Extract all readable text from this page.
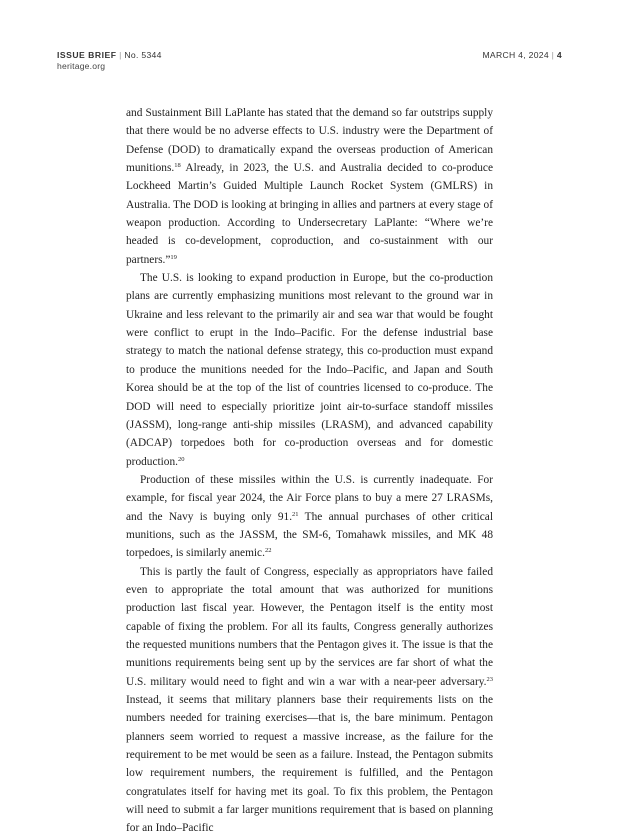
ISSUE BRIEF | No. 5344
heritage.org
MARCH 4, 2024 | 4

and Sustainment Bill LaPlante has stated that the demand so far outstrips supply that there would be no adverse effects to U.S. industry were the Department of Defense (DOD) to dramatically expand the overseas production of American munitions.$^{18}$ Already, in 2023, the U.S. and Australia decided to co-produce Lockheed Martin’s Guided Multiple Launch Rocket System (GMLRS) in Australia. The DOD is looking at bringing in allies and partners at every stage of weapon production. According to Undersecretary LaPlante: “Where we’re headed is co-development, coproduction, and co-sustainment with our partners.”$^{19}$

The U.S. is looking to expand production in Europe, but the co-production plans are currently emphasizing munitions most relevant to the ground war in Ukraine and less relevant to the primarily air and sea war that would be fought were conflict to erupt in the Indo–Pacific. For the defense industrial base strategy to match the national defense strategy, this co-production must expand to produce the munitions needed for the Indo–Pacific, and Japan and South Korea should be at the top of the list of countries licensed to co-produce. The DOD will need to especially prioritize joint air-to-surface standoff missiles (JASSM), long-range anti-ship missiles (LRASM), and advanced capability (ADCAP) torpedoes both for co-production overseas and for domestic production.$^{20}$

Production of these missiles within the U.S. is currently inadequate. For example, for fiscal year 2024, the Air Force plans to buy a mere 27 LRASMs, and the Navy is buying only 91.21 The annual purchases of other critical munitions, such as the JASSM, the SM-6, Tomahawk missiles, and MK 48 torpedoes, is similarly anemic.$^{22}$

This is partly the fault of Congress, especially as appropriators have failed even to appropriate the total amount that was authorized for munitions production last fiscal year. However, the Pentagon itself is the entity most capable of fixing the problem. For all its faults, Congress generally authorizes the requested munitions numbers that the Pentagon gives it. The issue is that the munitions requirements being sent up by the services are far short of what the U.S. military would need to fight and win a war with a near-peer adversary.$^{23}$ Instead, it seems that military planners base their requirements lists on the numbers needed for training exercises—that is, the bare minimum. Pentagon planners seem worried to request a massive increase, as the failure for the requirement to be met would be seen as a failure. Instead, the Pentagon submits low requirement numbers, the requirement is fulfilled, and the Pentagon congratulates itself for having met its goal. To fix this problem, the Pentagon will need to submit a far larger munitions requirement that is based on planning for an Indo–Pacific
